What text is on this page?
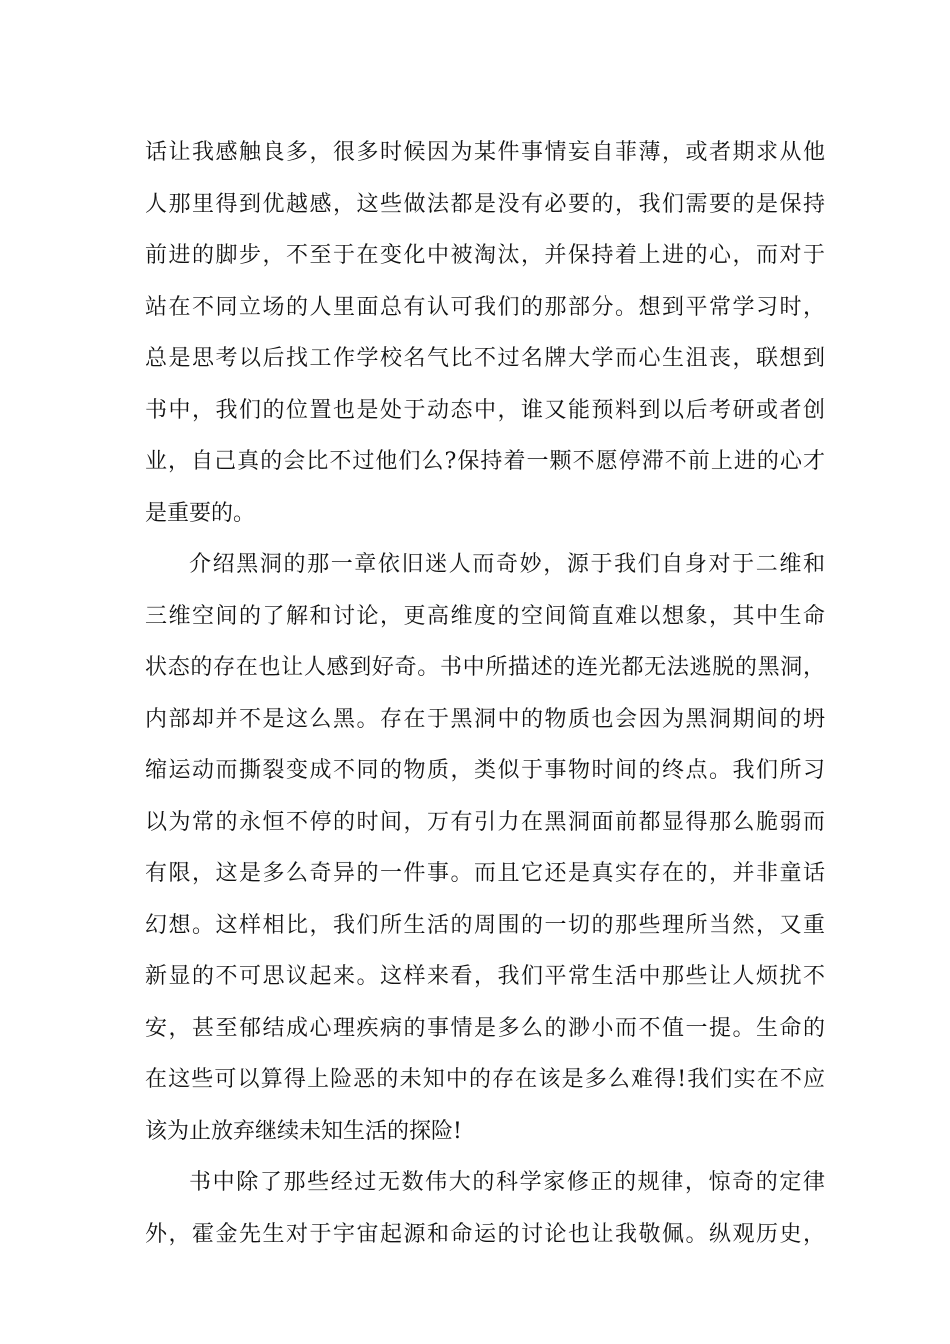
话让我感触良多，很多时候因为某件事情妄自菲薄，或者期求从他
人那里得到优越感，这些做法都是没有必要的，我们需要的是保持
前进的脚步，不至于在变化中被淘汰，并保持着上进的心，而对于
站在不同立场的人里面总有认可我们的那部分。想到平常学习时，
总是思考以后找工作学校名气比不过名牌大学而心生沮丧，联想到
书中，我们的位置也是处于动态中，谁又能预料到以后考研或者创
业，自己真的会比不过他们么?保持着一颗不愿停滞不前上进的心才
是重要的。
介绍黑洞的那一章依旧迷人而奇妙，源于我们自身对于二维和
三维空间的了解和讨论，更高维度的空间简直难以想象，其中生命
状态的存在也让人感到好奇。书中所描述的连光都无法逃脱的黑洞，
内部却并不是这么黑。存在于黑洞中的物质也会因为黑洞期间的坍
缩运动而撕裂变成不同的物质，类似于事物时间的终点。我们所习
以为常的永恒不停的时间，万有引力在黑洞面前都显得那么脆弱而
有限，这是多么奇异的一件事。而且它还是真实存在的，并非童话
幻想。这样相比，我们所生活的周围的一切的那些理所当然，又重
新显的不可思议起来。这样来看，我们平常生活中那些让人烦扰不
安，甚至郁结成心理疾病的事情是多么的渺小而不值一提。生命的
在这些可以算得上险恶的未知中的存在该是多么难得!我们实在不应
该为止放弃继续未知生活的探险!
书中除了那些经过无数伟大的科学家修正的规律，惊奇的定律
外，霍金先生对于宇宙起源和命运的讨论也让我敬佩。纵观历史，
